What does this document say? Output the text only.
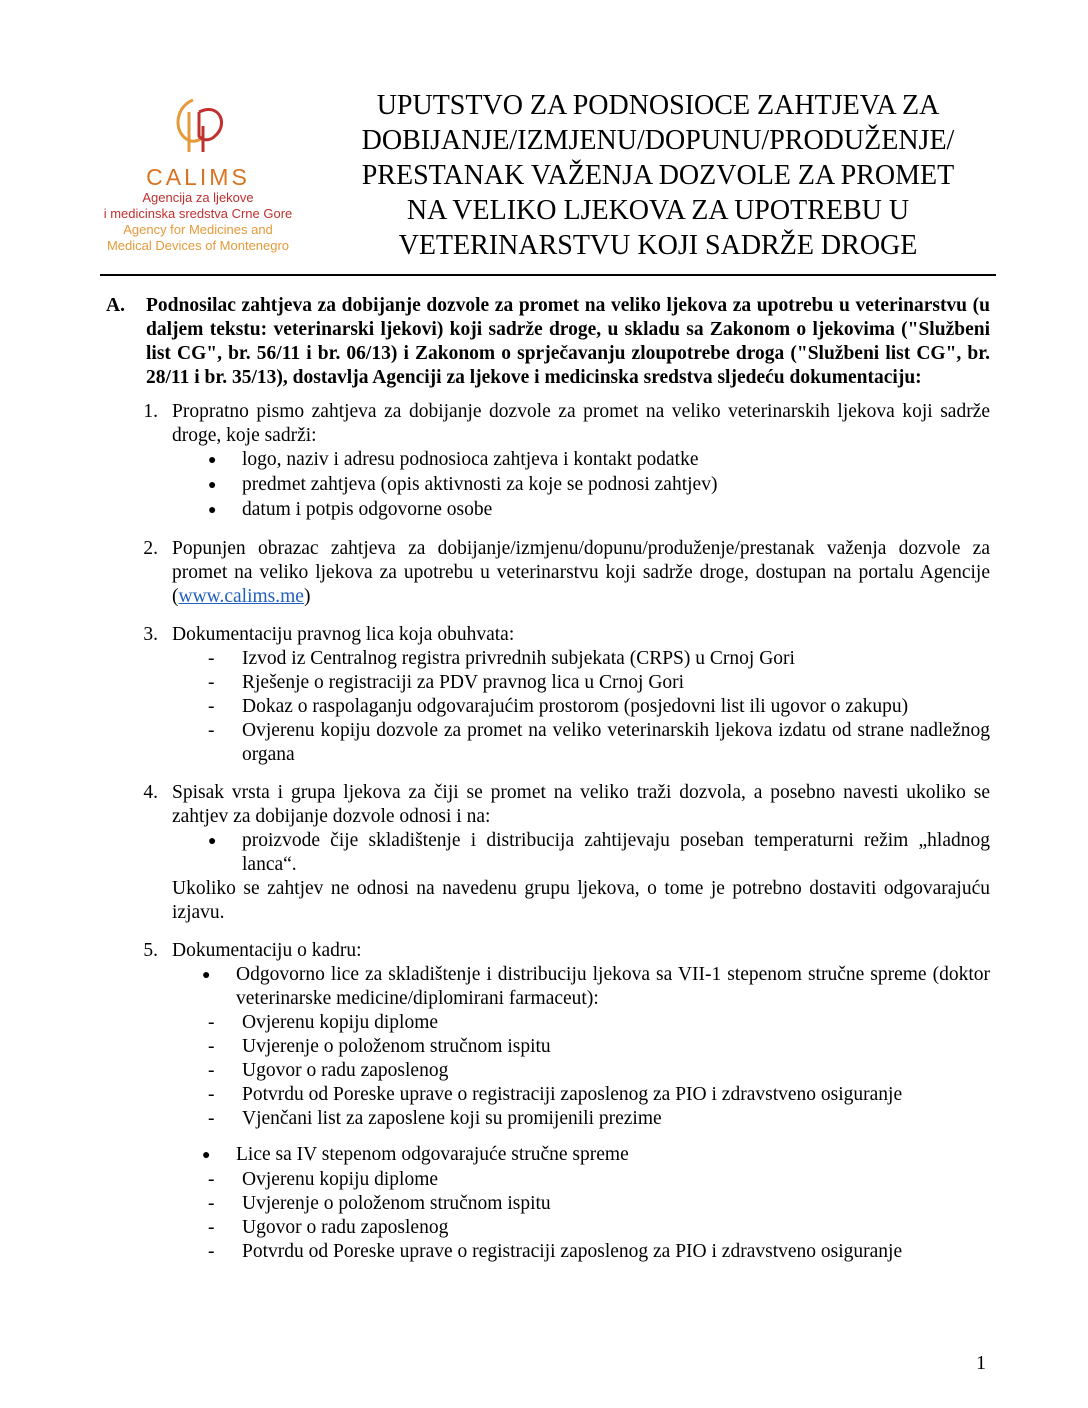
CALIMS
Agencija za ljekove
i medicinska sredstva Crne Gore
Agency for Medicines and
Medical Devices of Montenegro
UPUTSTVO ZA PODNOSIOCE ZAHTJEVA ZA
DOBIJANJE/IZMJENU/DOPUNU/PRODUŽENJE/
PRESTANAK VAŽENJA DOZVOLE ZA PROMET
NA VELIKO LJEKOVA ZA UPOTREBU U
VETERINARSTVU KOJI SADRŽE DROGE
A.	Podnosilac zahtjeva za dobijanje dozvole za promet na veliko ljekova za upotrebu u veterinarstvu (u daljem tekstu: veterinarski ljekovi) koji sadrže droge, u skladu sa Zakonom o ljekovima ("Službeni list CG", br. 56/11 i br. 06/13) i Zakonom o sprječavanju zloupotrebe droga ("Službeni list CG", br. 28/11 i br. 35/13), dostavlja Agenciji za ljekove i medicinska sredstva sljedeću dokumentaciju:
1. Propratno pismo zahtjeva za dobijanje dozvole za promet na veliko veterinarskih ljekova koji sadrže droge, koje sadrži:
●	logo, naziv i adresu podnosioca zahtjeva i kontakt podatke
●	predmet zahtjeva (opis aktivnosti za koje se podnosi zahtjev)
●	datum i potpis odgovorne osobe
2. Popunjen obrazac zahtjeva za dobijanje/izmjenu/dopunu/produženje/prestanak važenja dozvole za promet na veliko ljekova za upotrebu u veterinarstvu koji sadrže droge, dostupan na portalu Agencije (www.calims.me)
3. Dokumentaciju pravnog lica koja obuhvata:
-	Izvod iz Centralnog registra privrednih subjekata (CRPS) u Crnoj Gori
-	Rješenje o registraciji za PDV pravnog lica u Crnoj Gori
-	Dokaz o raspolaganju odgovarajućim prostorom (posjedovni list ili ugovor o zakupu)
-	Ovjerenu kopiju dozvole za promet na veliko veterinarskih ljekova izdatu od strane nadležnog organa
4. Spisak vrsta i grupa ljekova za čiji se promet na veliko traži dozvola, a posebno navesti ukoliko se zahtjev za dobijanje dozvole odnosi i na:
●	proizvode čije skladištenje i distribucija zahtijevaju poseban temperaturni režim „hladnog lanca“.
Ukoliko se zahtjev ne odnosi na navedenu grupu ljekova, o tome je potrebno dostaviti odgovarajuću izjavu.
5. Dokumentaciju o kadru:
●	Odgovorno lice za skladištenje i distribuciju ljekova sa VII-1 stepenom stručne spreme (doktor veterinarske medicine/diplomirani farmaceut):
-	Ovjerenu kopiju diplome
-	Uvjerenje o položenom stručnom ispitu
-	Ugovor o radu zaposlenog
-	Potvrdu od Poreske uprave o registraciji zaposlenog za PIO i zdravstveno osiguranje
-	Vjenčani list za zaposlene koji su promijenili prezime
●	Lice sa IV stepenom odgovarajuće stručne spreme
-	Ovjerenu kopiju diplome
-	Uvjerenje o položenom stručnom ispitu
-	Ugovor o radu zaposlenog
-	Potvrdu od Poreske uprave o registraciji zaposlenog za PIO i zdravstveno osiguranje
1
